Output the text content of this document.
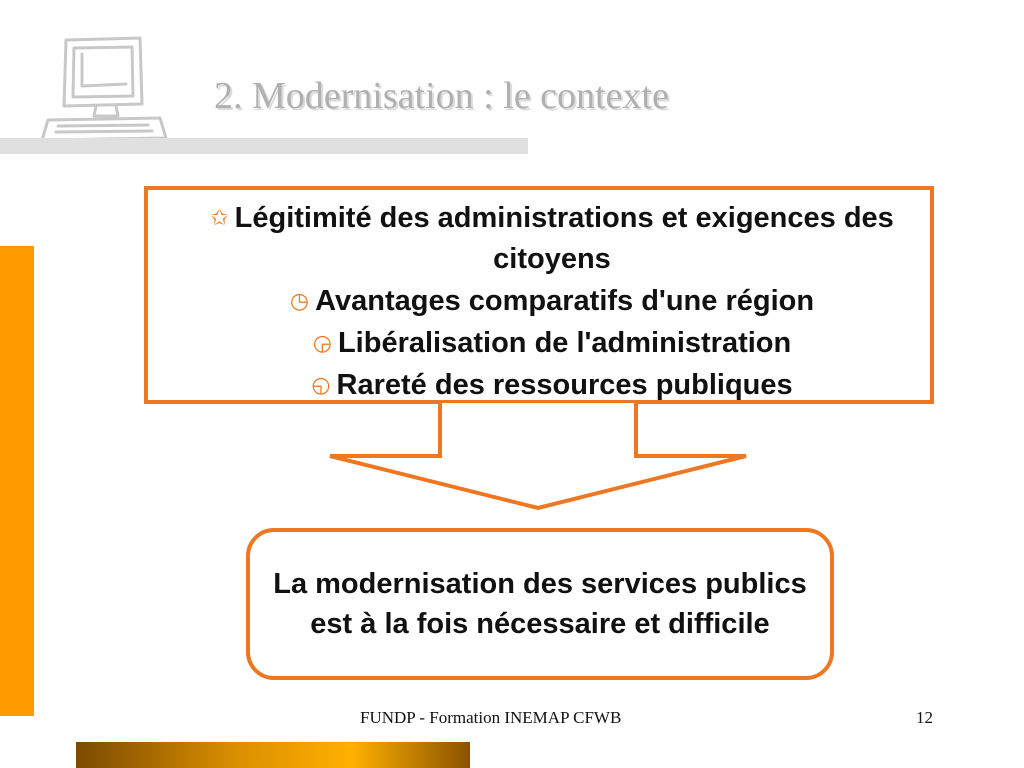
2. Modernisation : le contexte
✩ Légitimité des administrations et exigences des citoyens
◷ Avantages comparatifs d'une région
◶ Libéralisation de l'administration
◵ Rareté des ressources publiques
La modernisation des services publics est à la fois nécessaire et difficile
FUNDP - Formation INEMAP CFWB	12
